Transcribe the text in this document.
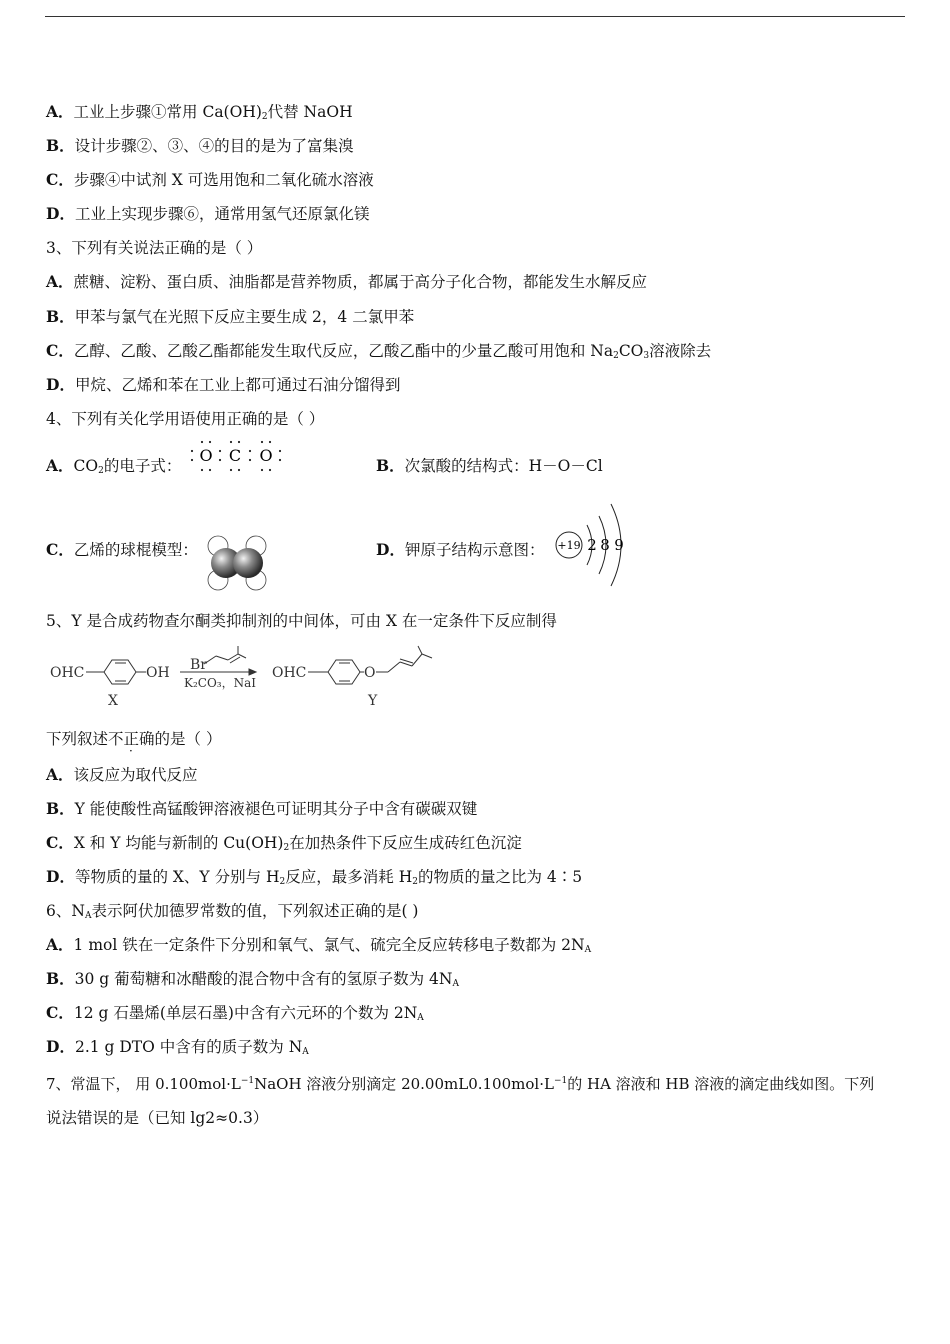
A．工业上步骤①常用 $Ca(OH)_2$代替 NaOH
B．设计步骤②、③、④的目的是为了富集溴
C．步骤④中试剂 X 可选用饱和二氧化硫水溶液
D．工业上实现步骤⑥，通常用氢气还原氯化镁
3、下列有关说法正确的是（ ）
A．蔗糖、淀粉、蛋白质、油脂都是营养物质，都属于高分子化合物，都能发生水解反应
B．甲苯与氯气在光照下反应主要生成 2，4 二氯甲苯
C．乙醇、乙酸、乙酸乙酯都能发生取代反应，乙酸乙酯中的少量乙酸可用饱和 $Na_2CO_3$溶液除去
D．甲烷、乙烯和苯在工业上都可通过石油分馏得到
4、下列有关化学用语使用正确的是（ ）
A．$CO_2$的电子式：
O C O
B．次氯酸的结构式：H－O－Cl
C．乙烯的球棍模型：	D．钾原子结构示意图： +19 2 8 9
5、Y 是合成药物查尔酮类抑制剂的中间体，可由 X 在一定条件下反应制得
OHC	OH
X
Br
K₂CO₃，NaI
OHC	O
Y
下列叙述不正确的是（ ）
A．该反应为取代反应
B．Y 能使酸性高锰酸钾溶液褪色可证明其分子中含有碳碳双键
C．X 和 Y 均能与新制的 $Cu(OH)_2$在加热条件下反应生成砖红色沉淀
D．等物质的量的 X、Y 分别与 $H_2$反应，最多消耗 $H_2$的物质的量之比为 4∶5
6、$N_A$表示阿伏加德罗常数的值，下列叙述正确的是( )
A．1 mol 铁在一定条件下分别和氧气、氯气、硫完全反应转移电子数都为 $2N_A$
B．30 g 葡萄糖和冰醋酸的混合物中含有的氢原子数为 $4N_A$
C．12 g 石墨烯(单层石墨)中含有六元环的个数为 $2N_A$
D．2.1 g DTO 中含有的质子数为 $N_A$
7、常温下， 用 $0.100mol\cdot L^{-1}NaOH$ 溶液分别滴定 $20.00mL0.100mol\cdot L^{-1}$的 HA 溶液和 HB 溶液的滴定曲线如图。下列
说法错误的是（已知 lg2≈0.3）
